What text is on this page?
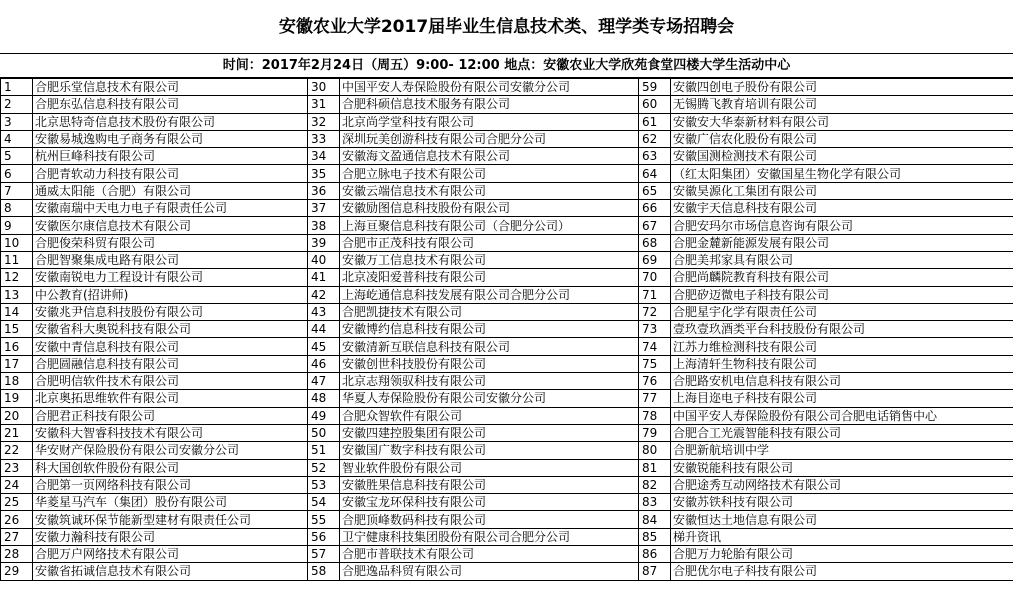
安徽农业大学2017届毕业生信息技术类、理学类专场招聘会
时间：2017年2月24日（周五）9:00- 12:00 地点：安徽农业大学欣苑食堂四楼大学生活动中心
1	合肥乐堂信息技术有限公司	30	中国平安人寿保险股份有限公司安徽分公司	59	安徽四创电子股份有限公司
2	合肥东弘信息科技有限公司	31	合肥科硕信息技术服务有限公司	60	无锡腾飞教育培训有限公司
3	北京思特奇信息技术股份有限公司	32	北京尚学堂科技有限公司	61	安徽安大华泰新材料有限公司
4	安徽易城逸购电子商务有限公司	33	深圳玩美创游科技有限公司合肥分公司	62	安徽广信农化股份有限公司
5	杭州巨峰科技有限公司	34	安徽海文盈通信息技术有限公司	63	安徽国测检测技术有限公司
6	合肥青软动力科技有限公司	35	合肥立脉电子技术有限公司	64	（红太阳集团）安徽国星生物化学有限公司
7	通威太阳能（合肥）有限公司	36	安徽云端信息技术有限公司	65	安徽昊源化工集团有限公司
8	安徽南瑞中天电力电子有限责任公司	37	安徽励图信息科技股份有限公司	66	安徽宇天信息科技有限公司
9	安徽医尔康信息技术有限公司	38	上海亘聚信息科技有限公司（合肥分公司）	67	合肥安玛尔市场信息咨询有限公司
10	合肥俊荣科贸有限公司	39	合肥市正茂科技有限公司	68	合肥金麓新能源发展有限公司
11	合肥智聚集成电路有限公司	40	安徽万工信息技术有限公司	69	合肥美邦家具有限公司
12	安徽南锐电力工程设计有限公司	41	北京凌阳爱普科技有限公司	70	合肥尚麟院教育科技有限公司
13	中公教育(招讲师)	42	上海屹通信息科技发展有限公司合肥分公司	71	合肥矽迈微电子科技有限公司
14	安徽兆尹信息科技股份有限公司	43	合肥凯捷技术有限公司	72	合肥星宇化学有限责任公司
15	安徽省科大奥锐科技有限公司	44	安徽博约信息科技有限公司	73	壹玖壹玖酒类平台科技股份有限公司
16	安徽中青信息科技有限公司	45	安徽清新互联信息科技有限公司	74	江苏力维检测科技有限公司
17	合肥圆融信息科技有限公司	46	安徽创世科技股份有限公司	75	上海清轩生物科技有限公司
18	合肥明信软件技术有限公司	47	北京志翔领驭科技有限公司	76	合肥路安机电信息科技有限公司
19	北京奥拓思维软件有限公司	48	华夏人寿保险股份有限公司安徽分公司	77	上海目迩电子科技有限公司
20	合肥君正科技有限公司	49	合肥众智软件有限公司	78	中国平安人寿保险股份有限公司合肥电话销售中心
21	安徽科大智睿科技技术有限公司	50	安徽四建控股集团有限公司	79	合肥合工光震智能科技有限公司
22	华安财产保险股份有限公司安徽分公司	51	安徽国广数字科技有限公司	80	合肥新航培训中学
23	科大国创软件股份有限公司	52	智业软件股份有限公司	81	安徽锐能科技有限公司
24	合肥第一页网络科技有限公司	53	安徽胜果信息科技有限公司	82	合肥途秀互动网络技术有限公司
25	华菱星马汽车（集团）股份有限公司	54	安徽宝龙环保科技有限公司	83	安徽苏铁科技有限公司
26	安徽筑诚环保节能新型建材有限责任公司	55	合肥顶峰数码科技有限公司	84	安徽恒达土地信息有限公司
27	安徽力瀚科技有限公司	56	卫宁健康科技集团股份有限公司合肥分公司	85	梯升资讯
28	合肥万户网络技术有限公司	57	合肥市普联技术有限公司	86	合肥万力轮胎有限公司
29	安徽省拓诚信息技术有限公司	58	合肥逸品科贸有限公司	87	合肥优尔电子科技有限公司
